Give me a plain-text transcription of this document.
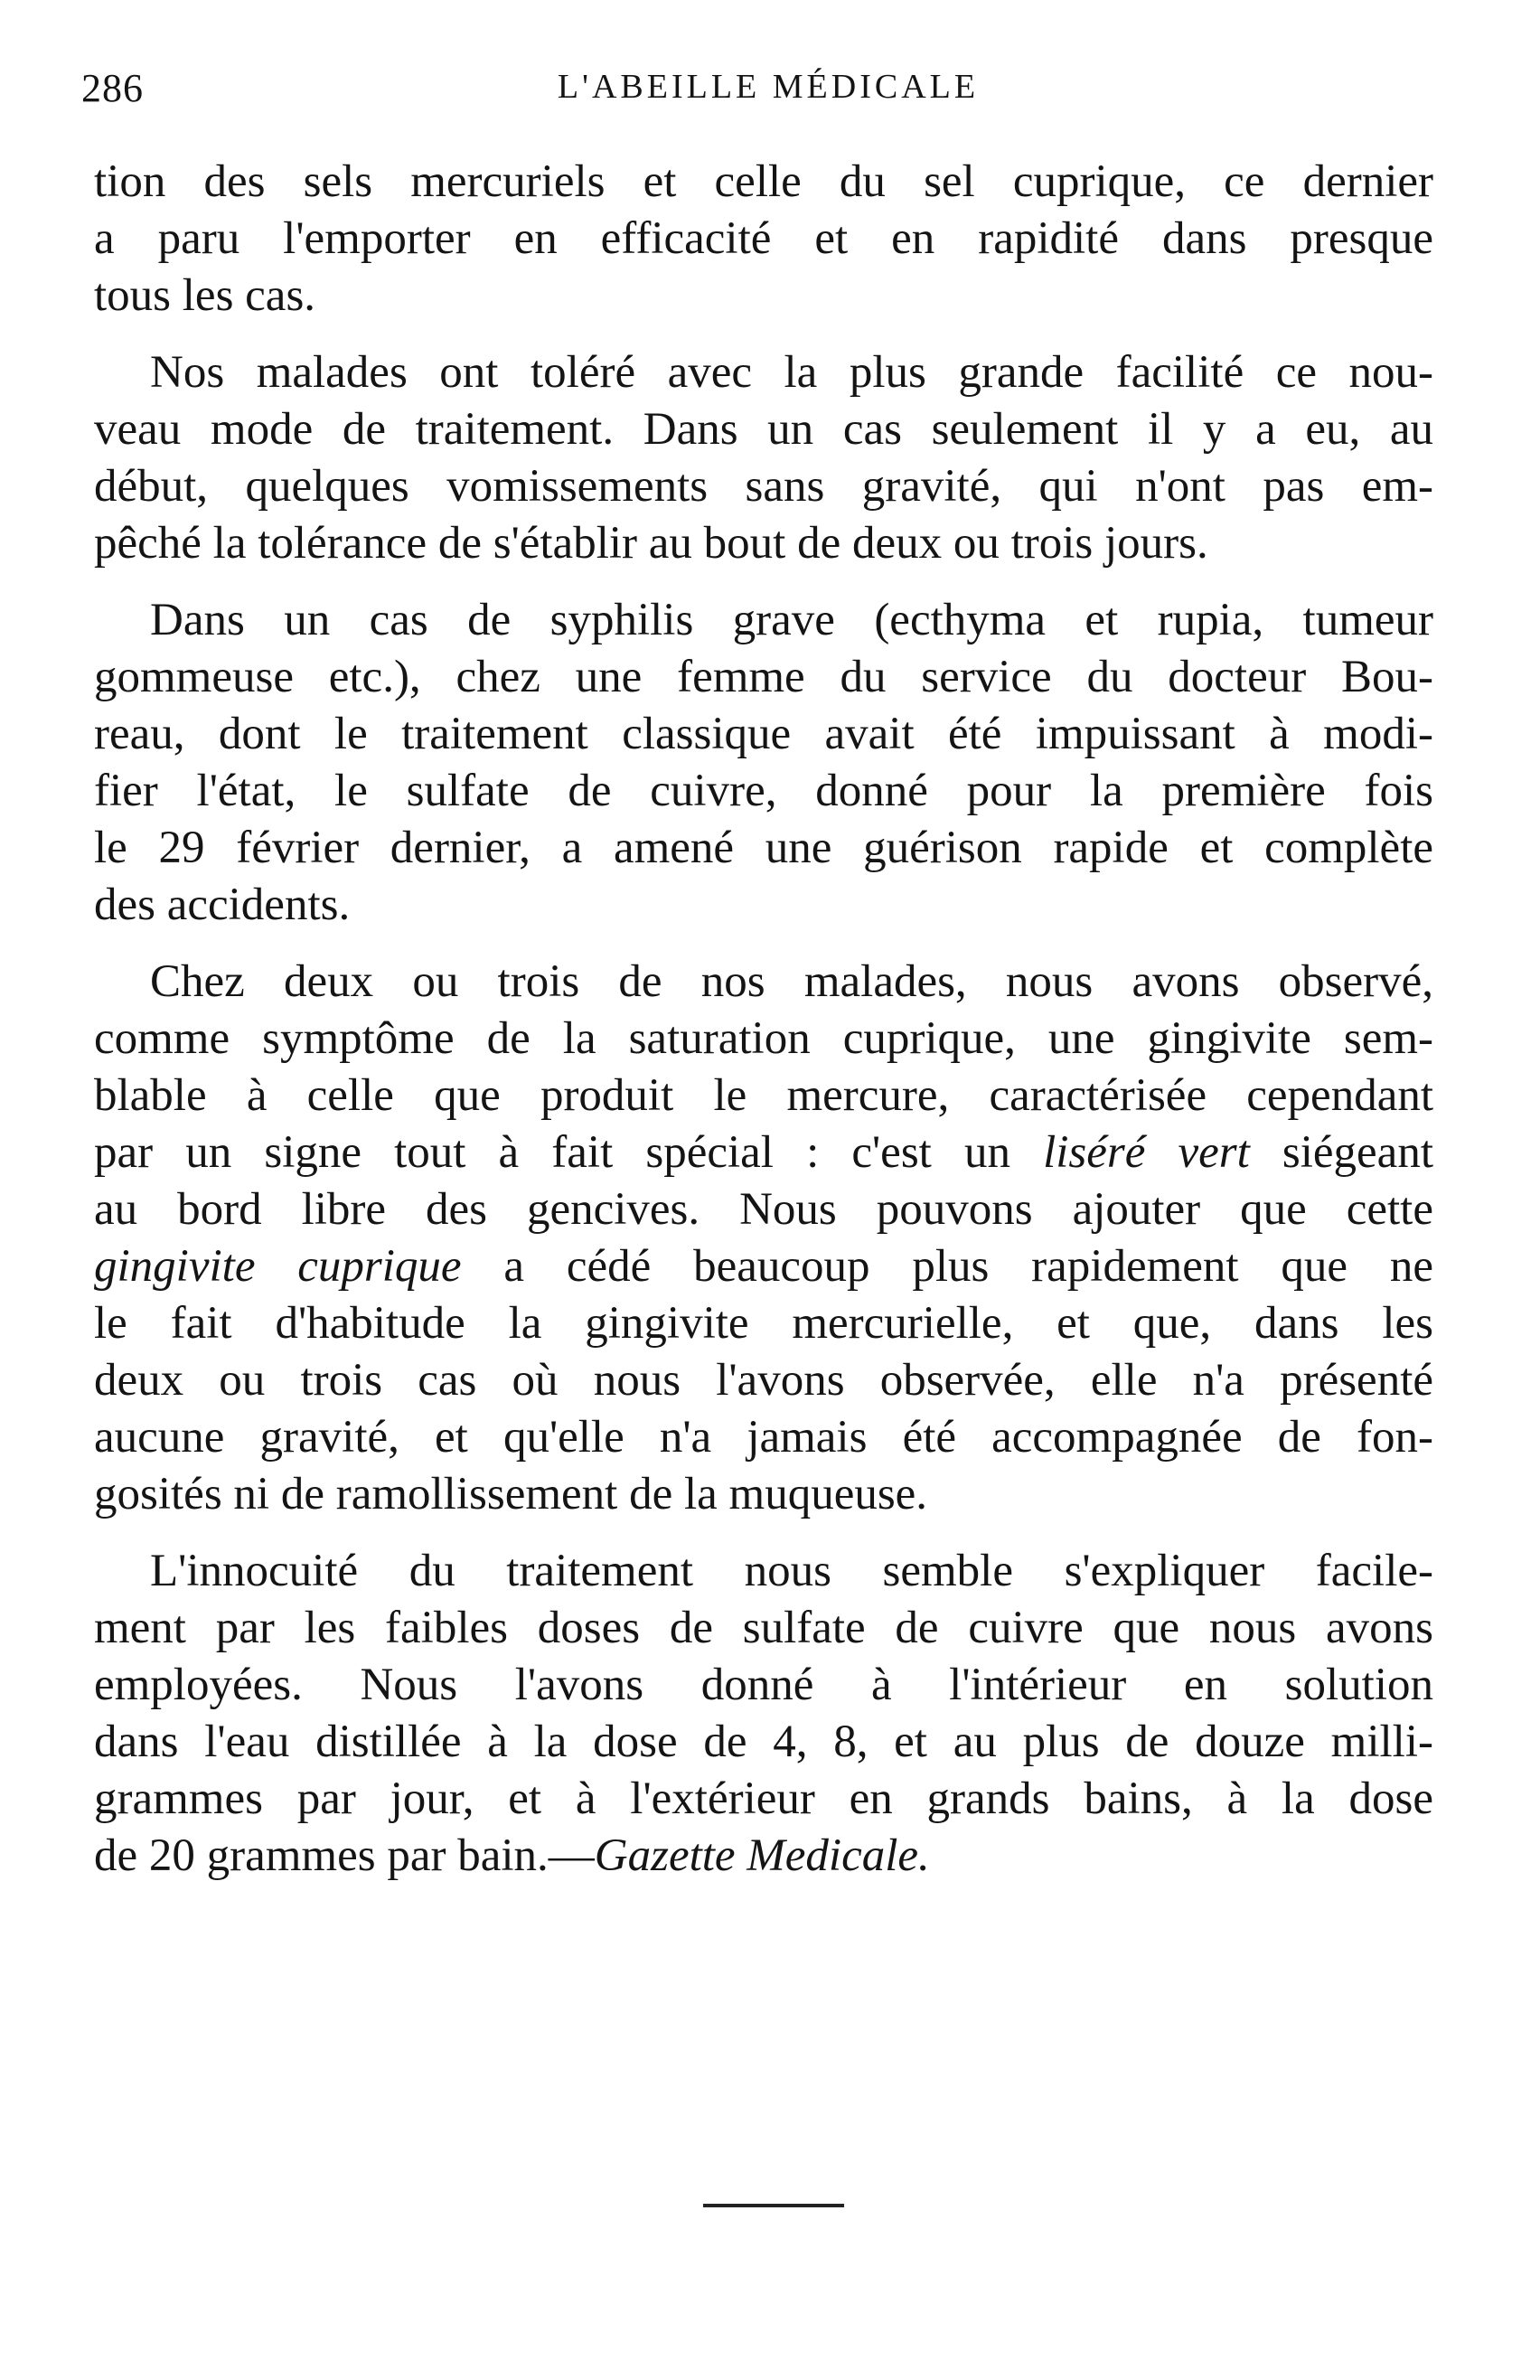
286	L'ABEILLE MÉDICALE

tion des sels mercuriels et celle du sel cuprique, ce dernier
a paru l'emporter en efficacité et en rapidité dans presque
tous les cas.

Nos malades ont toléré avec la plus grande facilité ce nou-
veau mode de traitement. Dans un cas seulement il y a eu, au
début, quelques vomissements sans gravité, qui n'ont pas em-
pêché la tolérance de s'établir au bout de deux ou trois jours.

Dans un cas de syphilis grave (ecthyma et rupia, tumeur
gommeuse etc.), chez une femme du service du docteur Bou-
reau, dont le traitement classique avait été impuissant à modi-
fier l'état, le sulfate de cuivre, donné pour la première fois
le 29 février dernier, a amené une guérison rapide et complète
des accidents.

Chez deux ou trois de nos malades, nous avons observé,
comme symptôme de la saturation cuprique, une gingivite sem-
blable à celle que produit le mercure, caractérisée cependant
par un signe tout à fait spécial : c'est un liséré vert siégeant
au bord libre des gencives. Nous pouvons ajouter que cette
gingivite cuprique a cédé beaucoup plus rapidement que ne
le fait d'habitude la gingivite mercurielle, et que, dans les
deux ou trois cas où nous l'avons observée, elle n'a présenté
aucune gravité, et qu'elle n'a jamais été accompagnée de fon-
gosités ni de ramollissement de la muqueuse.

L'innocuité du traitement nous semble s'expliquer facile-
ment par les faibles doses de sulfate de cuivre que nous avons
employées. Nous l'avons donné à l'intérieur en solution
dans l'eau distillée à la dose de 4, 8, et au plus de douze milli-
grammes par jour, et à l'extérieur en grands bains, à la dose
de 20 grammes par bain.—Gazette Medicale.
